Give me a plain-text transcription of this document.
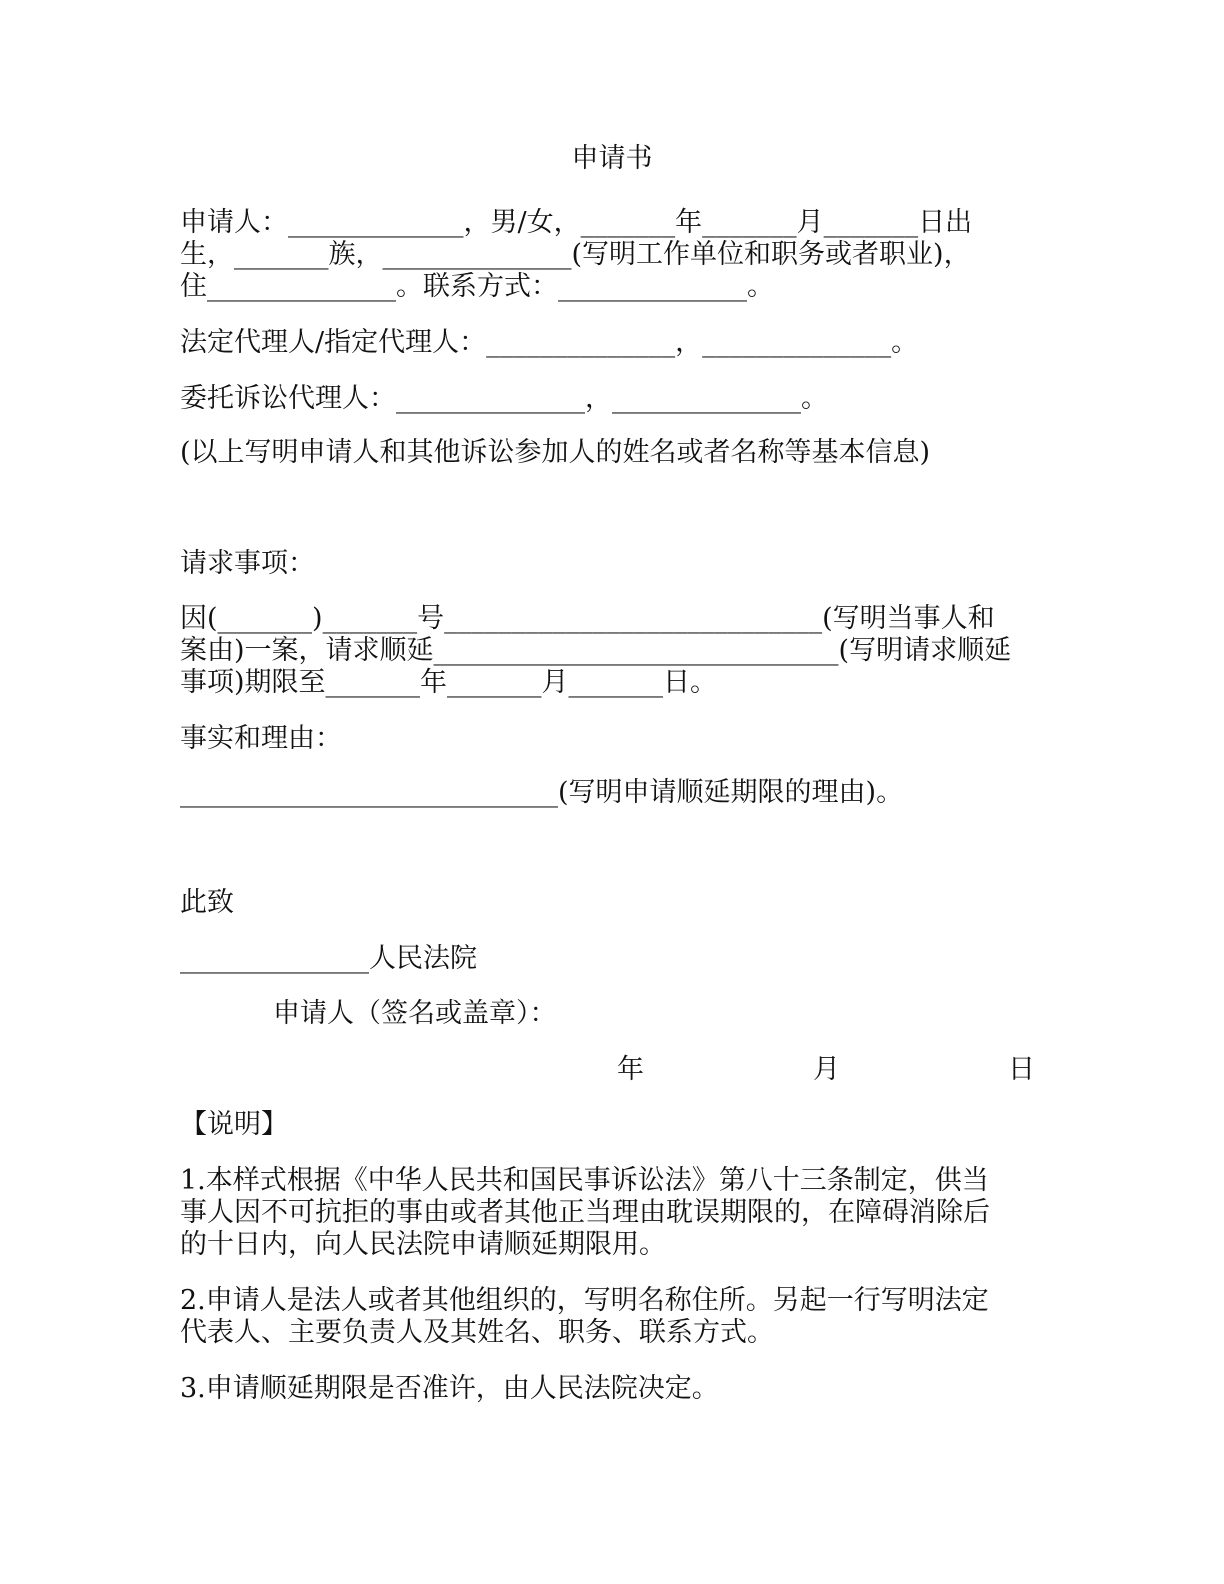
申请书
申请人：_____________，男/女，_______年_______月_______日出
生，_______族，______________(写明工作单位和职务或者职业)，
住______________。联系方式：______________。
法定代理人/指定代理人：______________，______________。
委托诉讼代理人：______________，______________。
(以上写明申请人和其他诉讼参加人的姓名或者名称等基本信息)
请求事项：
因(_______)_______号____________________________(写明当事人和
案由)一案，请求顺延______________________________(写明请求顺延
事项)期限至_______年_______月_______日。
事实和理由：
____________________________(写明申请顺延期限的理由)。
此致
______________人民法院
申请人（签名或盖章）：
年	月	日
【说明】
1.本样式根据《中华人民共和国民事诉讼法》第八十三条制定，供当
事人因不可抗拒的事由或者其他正当理由耽误期限的，在障碍消除后
的十日内，向人民法院申请顺延期限用。
2.申请人是法人或者其他组织的，写明名称住所。另起一行写明法定
代表人、主要负责人及其姓名、职务、联系方式。
3.申请顺延期限是否准许，由人民法院决定。
